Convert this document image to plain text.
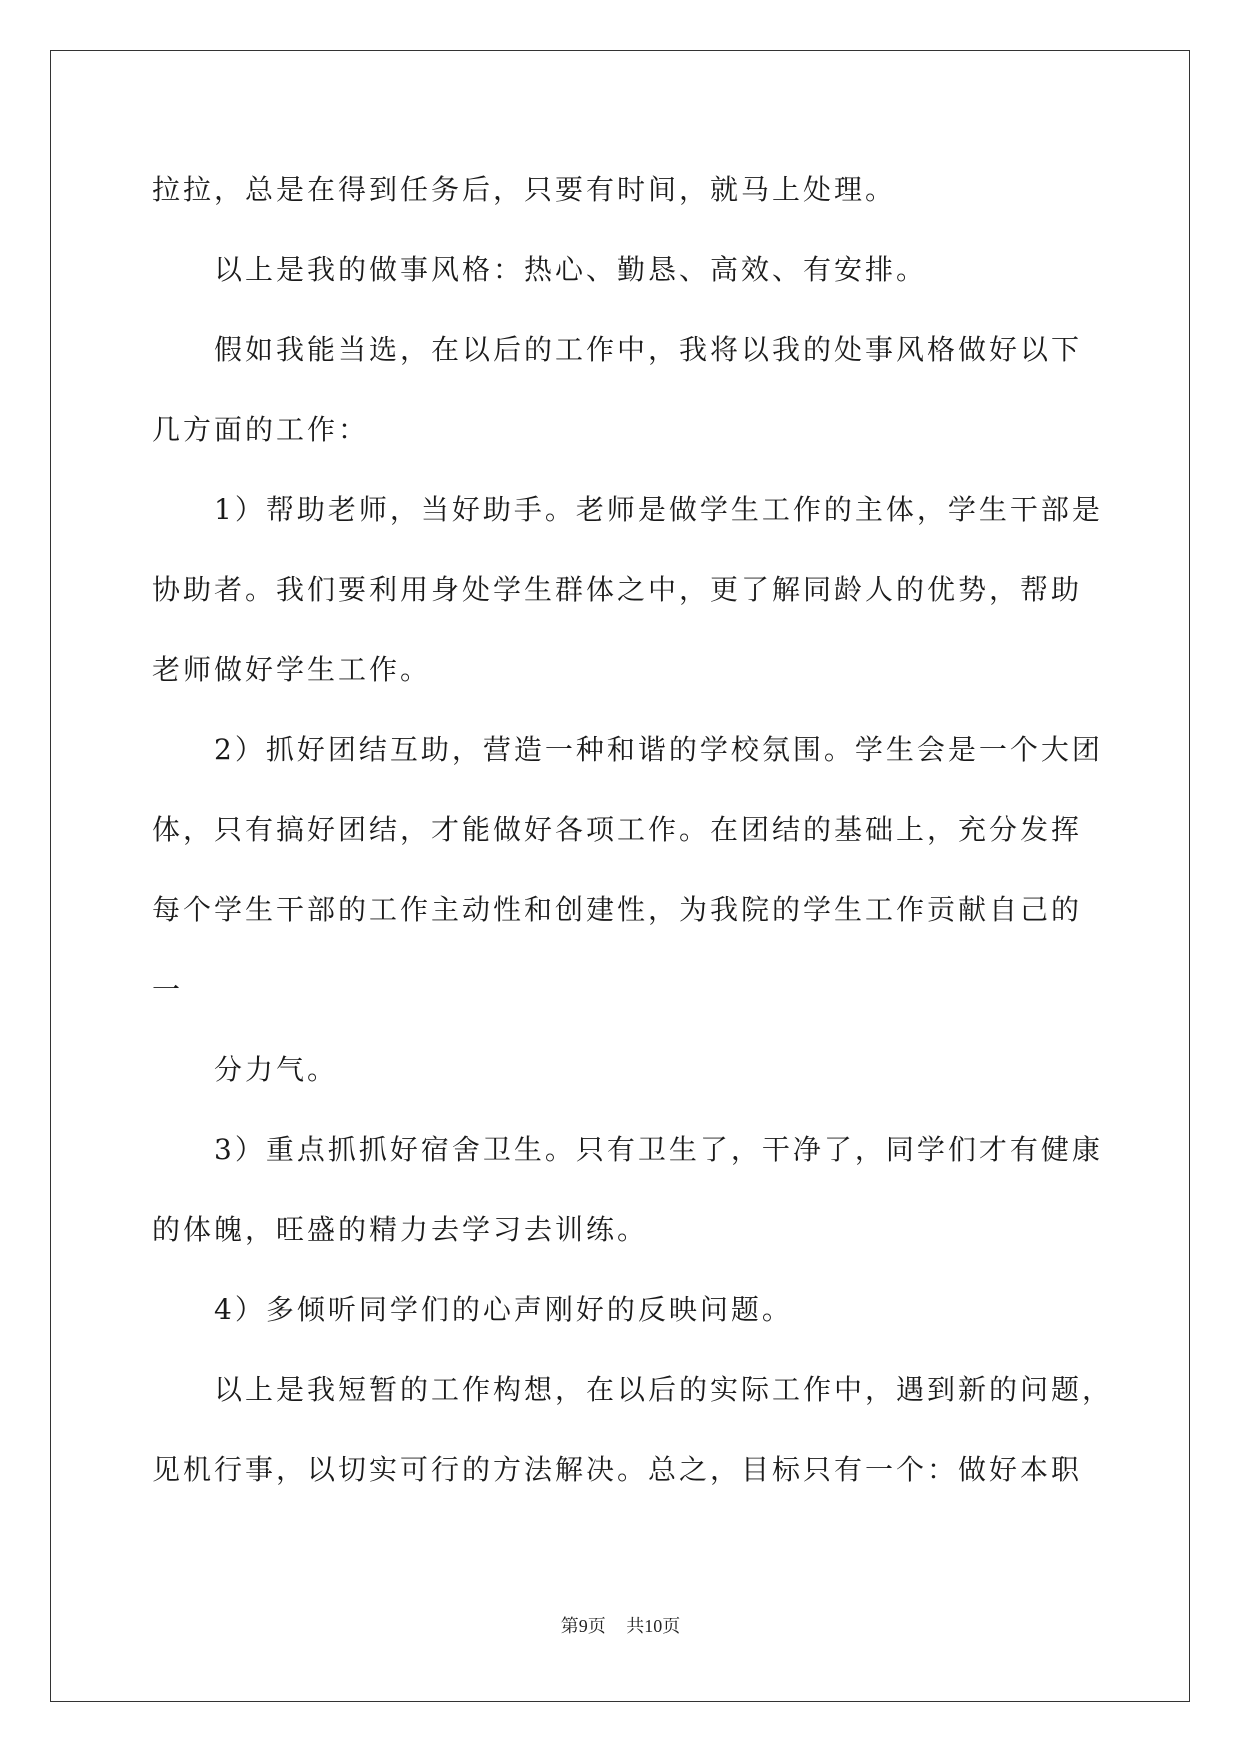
拉拉，总是在得到任务后，只要有时间，就马上处理。

以上是我的做事风格：热心、勤恳、高效、有安排。

假如我能当选，在以后的工作中，我将以我的处事风格做好以下

几方面的工作：

1）帮助老师，当好助手。老师是做学生工作的主体，学生干部是

协助者。我们要利用身处学生群体之中，更了解同龄人的优势，帮助

老师做好学生工作。

2）抓好团结互助，营造一种和谐的学校氛围。学生会是一个大团

体，只有搞好团结，才能做好各项工作。在团结的基础上，充分发挥

每个学生干部的工作主动性和创建性，为我院的学生工作贡献自己的

一

分力气。

3）重点抓抓好宿舍卫生。只有卫生了，干净了，同学们才有健康

的体魄，旺盛的精力去学习去训练。

4）多倾听同学们的心声刚好的反映问题。

以上是我短暂的工作构想，在以后的实际工作中，遇到新的问题，

见机行事，以切实可行的方法解决。总之，目标只有一个：做好本职

第9页 共10页
